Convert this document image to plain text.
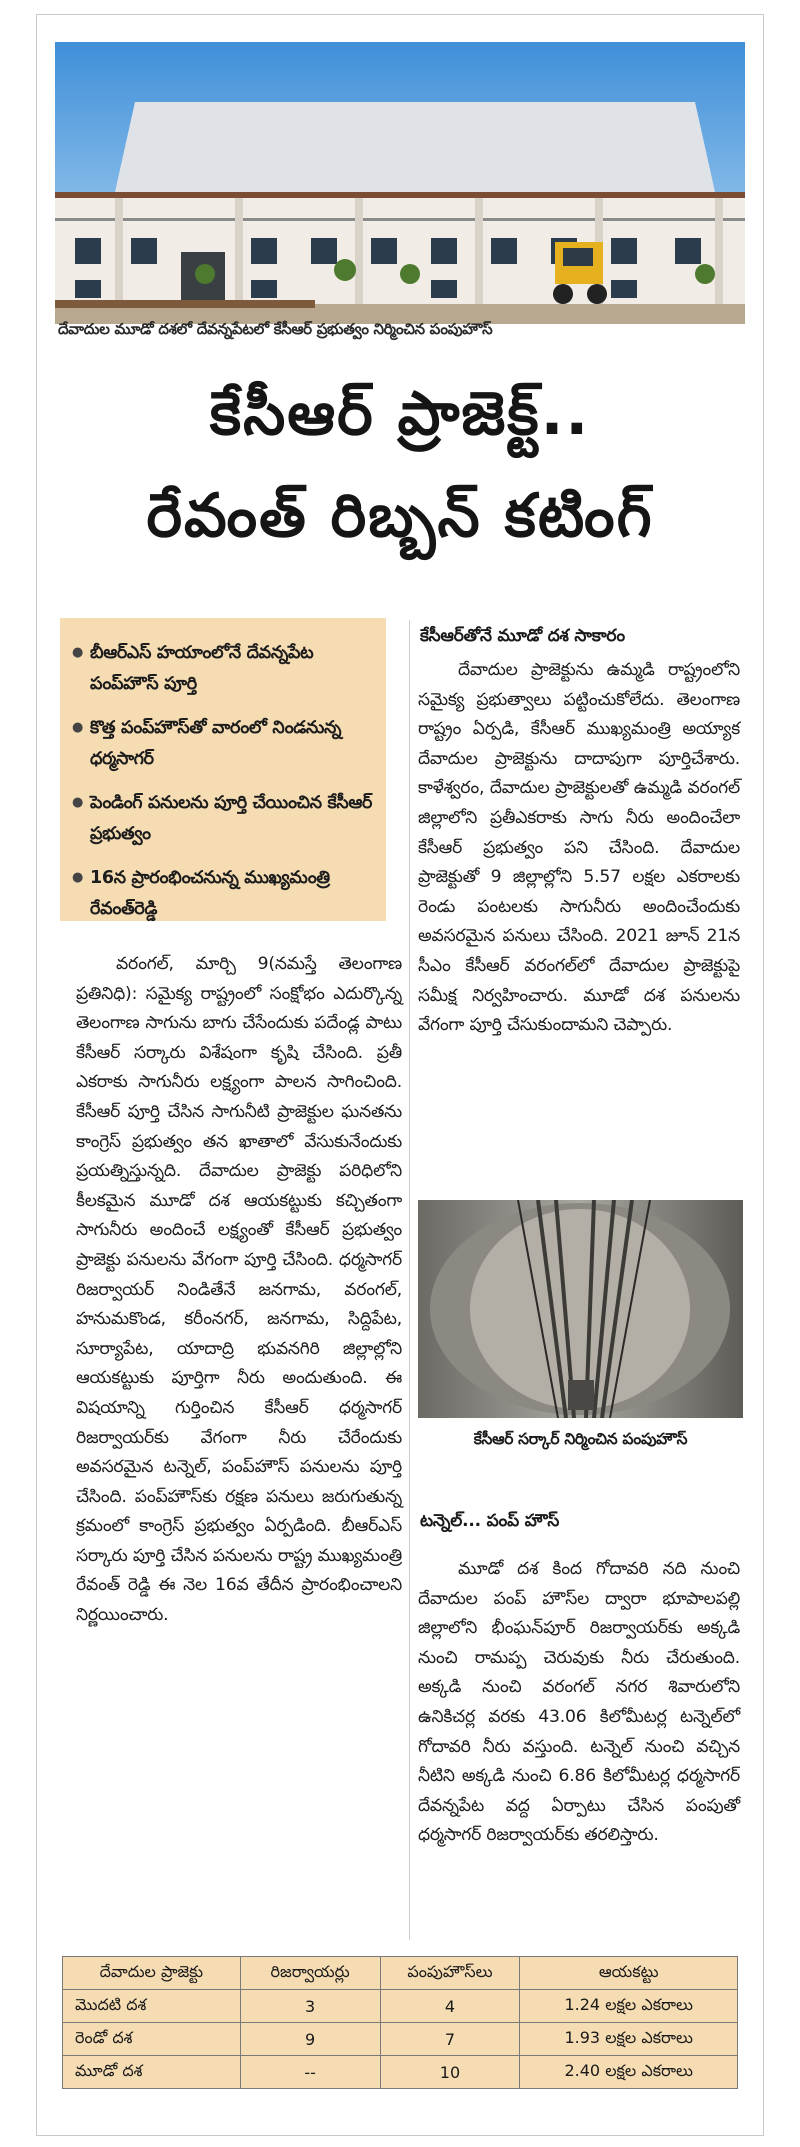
దేవాదుల మూడో దశలో దేవన్నపేటలో కేసీఆర్ ప్రభుత్వం నిర్మించిన పంపుహౌస్
కేసీఆర్ ప్రాజెక్ట్..
రేవంత్ రిబ్బన్ కటింగ్
● బీఆర్ఎస్ హయాంలోనే దేవన్నపేట పంప్‌హౌస్ పూర్తి
● కొత్త పంప్‌హౌస్‌తో వారంలో నిండనున్న ధర్మసాగర్
● పెండింగ్ పనులను పూర్తి చేయించిన కేసీఆర్ ప్రభుత్వం
● 16న ప్రారంభించనున్న ముఖ్యమంత్రి రేవంత్‌రెడ్డి
వరంగల్, మార్చి 9(నమస్తే తెలంగాణ ప్రతినిధి): సమైక్య రాష్ట్రంలో సంక్షోభం ఎదుర్కొన్న తెలంగాణ సాగును బాగు చేసేందుకు పదేండ్ల పాటు కేసీఆర్ సర్కారు విశేషంగా కృషి చేసింది. ప్రతీ ఎకరాకు సాగునీరు లక్ష్యంగా పాలన సాగించింది. కేసీఆర్ పూర్తి చేసిన సాగునీటి ప్రాజెక్టుల ఘనతను కాంగ్రెస్ ప్రభుత్వం తన ఖాతాలో వేసుకునేందుకు ప్రయత్నిస్తున్నది. దేవాదుల ప్రాజెక్టు పరిధిలోని కీలకమైన మూడో దశ ఆయకట్టుకు కచ్చితంగా సాగునీరు అందించే లక్ష్యంతో కేసీఆర్ ప్రభుత్వం ప్రాజెక్టు పనులను వేగంగా పూర్తి చేసింది. ధర్మసాగర్ రిజర్వాయర్ నిండితేనే జనగామ, వరంగల్, హనుమకొండ, కరీంనగర్, జనగామ, సిద్దిపేట, సూర్యాపేట, యాదాద్రి భువనగిరి జిల్లాల్లోని ఆయకట్టుకు పూర్తిగా నీరు అందుతుంది. ఈ విషయాన్ని గుర్తించిన కేసీఆర్ ధర్మసాగర్ రిజర్వాయర్‌కు వేగంగా నీరు చేరేందుకు అవసరమైన టన్నెల్, పంప్‌హౌస్ పనులను పూర్తి చేసింది. పంప్‌హౌస్‌కు రక్షణ పనులు జరుగుతున్న క్రమంలో కాంగ్రెస్ ప్రభుత్వం ఏర్పడింది. బీఆర్ఎస్ సర్కారు పూర్తి చేసిన పనులను రాష్ట్ర ముఖ్యమంత్రి రేవంత్ రెడ్డి ఈ నెల 16వ తేదీన ప్రారంభించాలని నిర్ణయించారు.
కేసీఆర్‌తోనే మూడో దశ సాకారం
దేవాదుల ప్రాజెక్టును ఉమ్మడి రాష్ట్రంలోని సమైక్య ప్రభుత్వాలు పట్టించుకోలేదు. తెలంగాణ రాష్ట్రం ఏర్పడి, కేసీఆర్ ముఖ్యమంత్రి అయ్యాక దేవాదుల ప్రాజెక్టును దాదాపుగా పూర్తిచేశారు. కాళేశ్వరం, దేవాదుల ప్రాజెక్టులతో ఉమ్మడి వరంగల్ జిల్లాలోని ప్రతీఎకరాకు సాగు నీరు అందించేలా కేసీఆర్ ప్రభుత్వం పని చేసింది. దేవాదుల ప్రాజెక్టుతో 9 జిల్లాల్లోని 5.57 లక్షల ఎకరాలకు రెండు పంటలకు సాగునీరు అందించేందుకు అవసరమైన పనులు చేసింది. 2021 జూన్ 21న సీఎం కేసీఆర్ వరంగల్‌లో దేవాదుల ప్రాజెక్టుపై సమీక్ష నిర్వహించారు. మూడో దశ పనులను వేగంగా పూర్తి చేసుకుందామని చెప్పారు.
కేసీఆర్ సర్కార్ నిర్మించిన పంపుహౌస్
టన్నెల్... పంప్ హౌస్
మూడో దశ కింద గోదావరి నది నుంచి దేవాదుల పంప్ హౌస్‌ల ద్వారా భూపాలపల్లి జిల్లాలోని భీంఘన్‌పూర్ రిజర్వాయర్‌కు అక్కడి నుంచి రామప్ప చెరువుకు నీరు చేరుతుంది. అక్కడి నుంచి వరంగల్ నగర శివారులోని ఉనికిచర్ల వరకు 43.06 కిలోమీటర్ల టన్నెల్‌లో గోదావరి నీరు వస్తుంది. టన్నెల్ నుంచి వచ్చిన నీటిని అక్కడి నుంచి 6.86 కిలోమీటర్ల ధర్మసాగర్ దేవన్నపేట వద్ద ఏర్పాటు చేసిన పంపుతో ధర్మసాగర్ రిజర్వాయర్‌కు తరలిస్తారు.
దేవాదుల ప్రాజెక్టు	రిజర్వాయర్లు	పంపుహౌస్‌లు	ఆయకట్టు
మొదటి దశ	3	4	1.24 లక్షల ఎకరాలు
రెండో దశ	9	7	1.93 లక్షల ఎకరాలు
మూడో దశ	--	10	2.40 లక్షల ఎకరాలు
